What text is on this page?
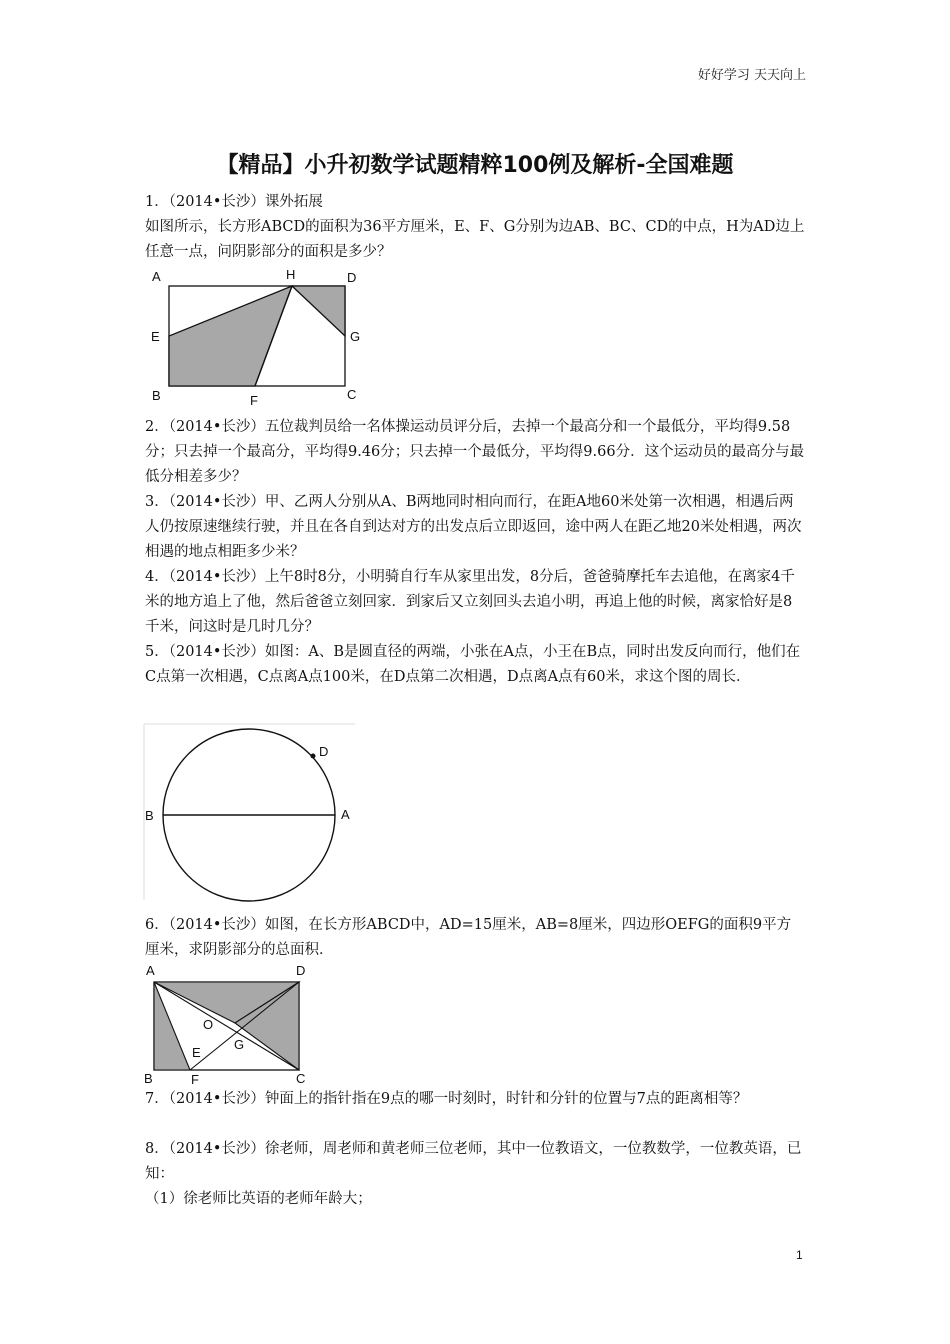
好好学习 天天向上
【精品】小升初数学试题精粹100例及解析-全国难题

1．（2014•长沙）课外拓展

如图所示，长方形ABCD的面积为36平方厘米，E、F、G分别为边AB、BC、CD的中点，H为AD边上任意一点，问阴影部分的面积是多少？

A	H	D
E	G
B	F	C

2．（2014•长沙）五位裁判员给一名体操运动员评分后，去掉一个最高分和一个最低分，平均得9.58分；只去掉一个最高分，平均得9.46分；只去掉一个最低分，平均得9.66分．这个运动员的最高分与最低分相差多少？

3．（2014•长沙）甲、乙两人分别从A、B两地同时相向而行，在距A地60米处第一次相遇，相遇后两人仍按原速继续行驶，并且在各自到达对方的出发点后立即返回，途中两人在距乙地20米处相遇，两次相遇的地点相距多少米？

4．（2014•长沙）上午8时8分，小明骑自行车从家里出发，8分后，爸爸骑摩托车去追他，在离家4千米的地方追上了他，然后爸爸立刻回家．到家后又立刻回头去追小明，再追上他的时候，离家恰好是8千米，问这时是几时几分？

5．（2014•长沙）如图：A、B是圆直径的两端，小张在A点，小王在B点，同时出发反向而行，他们在C点第一次相遇，C点离A点100米，在D点第二次相遇，D点离A点有60米，求这个图的周长．

D
B	A

6．（2014•长沙）如图，在长方形ABCD中，AD=15厘米，AB=8厘米，四边形OEFG的面积9平方厘米，求阴影部分的总面积．

A	D
O
E
G
B	F	C

7．（2014•长沙）钟面上的指针指在9点的哪一时刻时，时针和分针的位置与7点的距离相等？

8．（2014•长沙）徐老师，周老师和黄老师三位老师，其中一位教语文，一位教数学，一位教英语，已知：

（1）徐老师比英语的老师年龄大；

1
